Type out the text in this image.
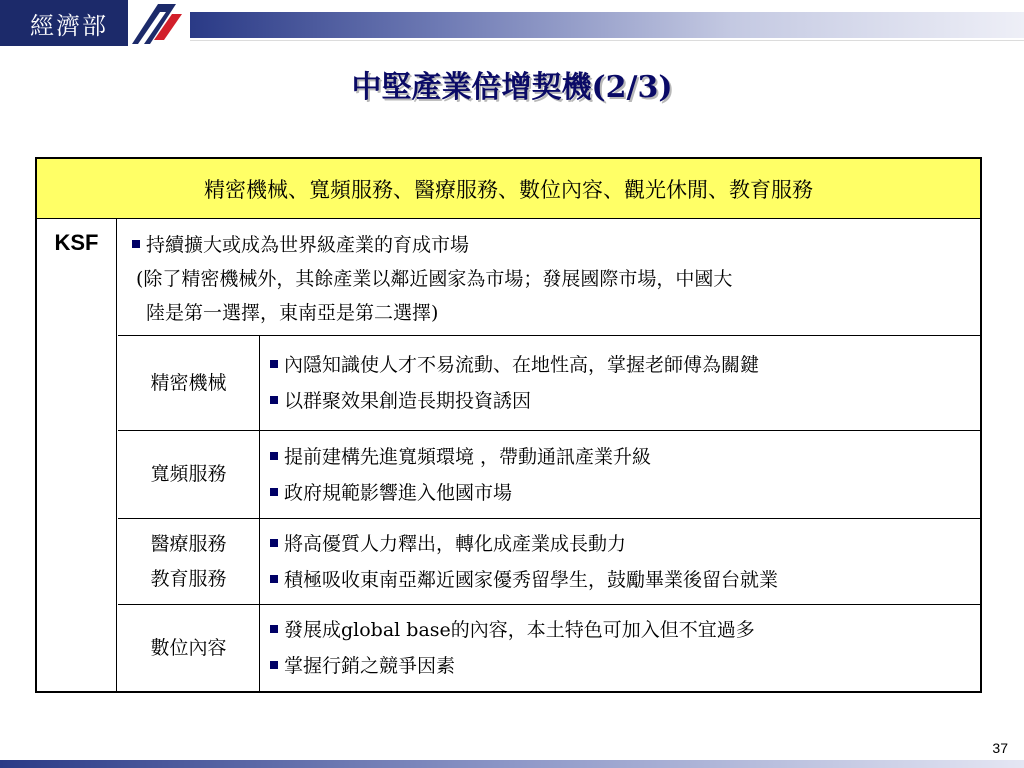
經濟部
中堅產業倍增契機(2/3)
精密機械、寬頻服務、醫療服務、數位內容、觀光休閒、教育服務
KSF	持續擴大或成為世界級產業的育成市場
(除了精密機械外，其餘產業以鄰近國家為市場；發展國際市場，中國大
陸是第一選擇，東南亞是第二選擇)
精密機械
內隱知識使人才不易流動、在地性高，掌握老師傅為關鍵
以群聚效果創造長期投資誘因
寬頻服務
提前建構先進寬頻環境 ，帶動通訊產業升級
政府規範影響進入他國市場
醫療服務
教育服務
將高優質人力釋出，轉化成產業成長動力
積極吸收東南亞鄰近國家優秀留學生，鼓勵畢業後留台就業
數位內容
發展成global base的內容，本土特色可加入但不宜過多
掌握行銷之競爭因素
37
